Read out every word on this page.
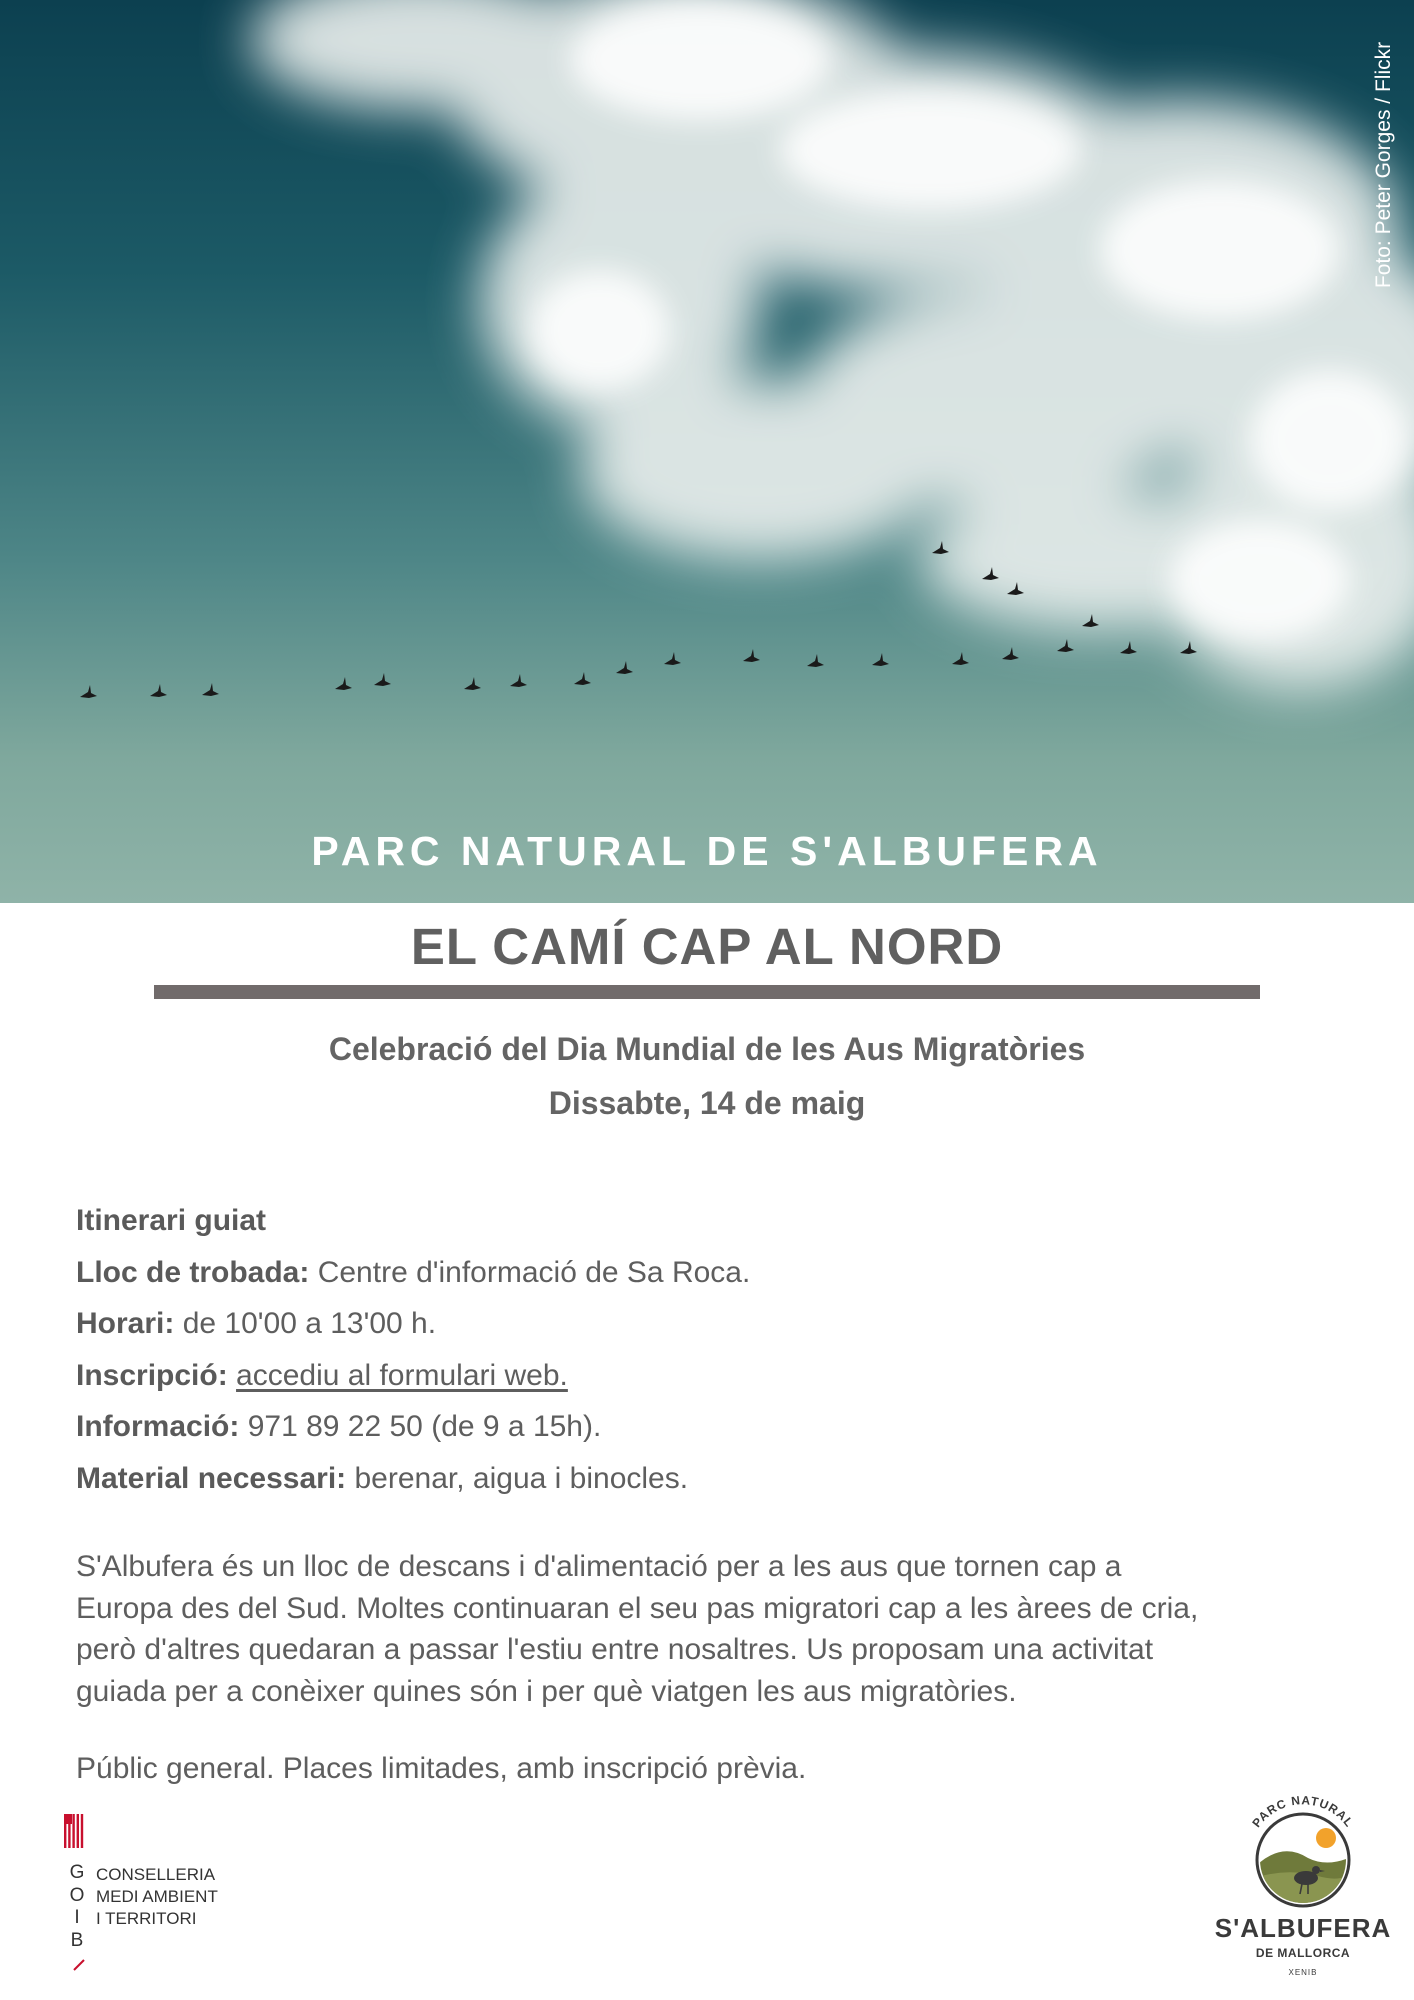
Foto: Peter Gorges / Flickr
PARC NATURAL DE S'ALBUFERA
EL CAMÍ CAP AL NORD
Celebració del Dia Mundial de les Aus Migratòries
Dissabte, 14 de maig
Itinerari guiat
Lloc de trobada: Centre d'informació de Sa Roca.
Horari: de 10'00 a 13'00 h.
Inscripció: accediu al formulari web.
Informació: 971 89 22 50 (de 9 a 15h).
Material necessari: berenar, aigua i binocles.

S'Albufera és un lloc de descans i d'alimentació per a les aus que tornen cap a

Europa des del Sud. Moltes continuaran el seu pas migratori cap a les àrees de cria,

però d'altres quedaran a passar l'estiu entre nosaltres. Us proposam una activitat

guiada per a conèixer quines són i per què viatgen les aus migratòries.

Públic general. Places limitades, amb inscripció prèvia.
G
O
I
B
CONSELLERIA
MEDI AMBIENT
I TERRITORI
PARC NATURAL
S'ALBUFERA
DE MALLORCA
XENIB
